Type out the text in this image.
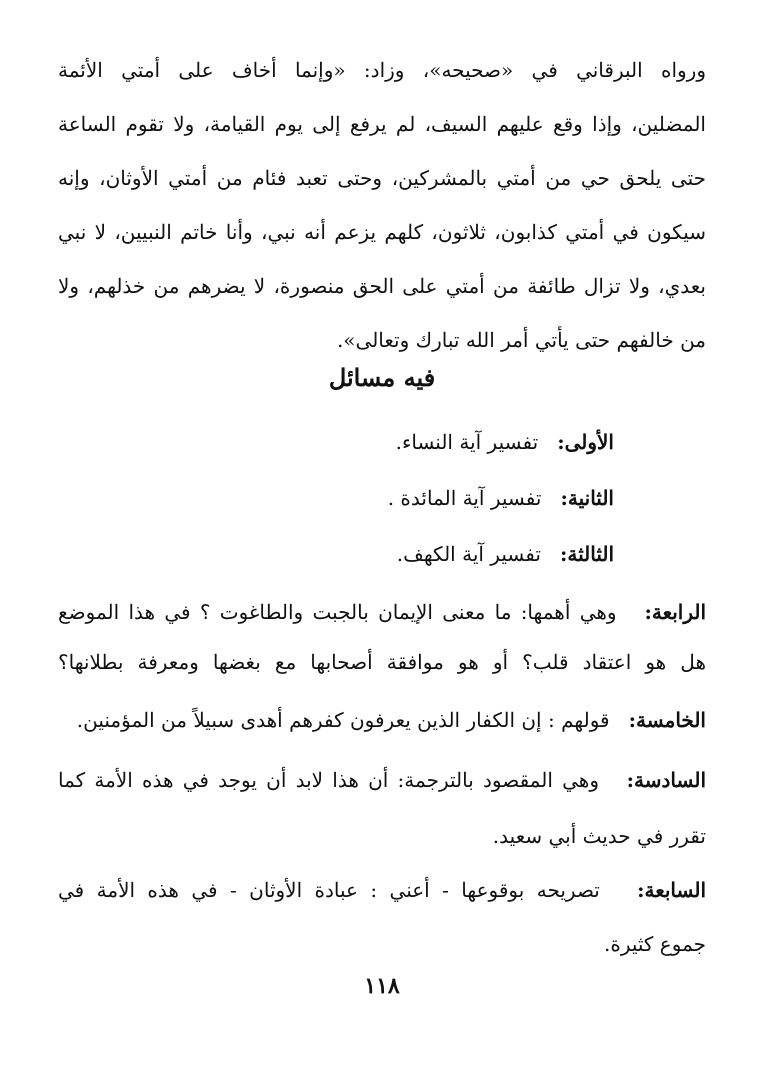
ورواه البرقاني في «صحيحه»، وزاد: «وإنما أخاف على أمتي الأئمة
المضلين، وإذا وقع عليهم السيف، لم يرفع إلى يوم القيامة، ولا تقوم الساعة
حتى يلحق حي من أمتي بالمشركين، وحتى تعبد فئام من أمتي الأوثان، وإنه
سيكون في أمتي كذابون، ثلاثون، كلهم يزعم أنه نبي، وأنا خاتم النبيين، لا نبي
بعدي، ولا تزال طائفة من أمتي على الحق منصورة، لا يضرهم من خذلهم، ولا
من خالفهم حتى يأتي أمر الله تبارك وتعالى».
فيه مسائل
الأولى:   تفسير آية النساء.
الثانية:   تفسير آية المائدة .
الثالثة:   تفسير آية الكهف.
الرابعة:   وهي أهمها: ما معنى الإيمان بالجبت والطاغوت ؟ في هذا الموضع
هل هو اعتقاد قلب؟ أو هو موافقة أصحابها مع بغضها ومعرفة بطلانها؟
الخامسة:   قولهم : إن الكفار الذين يعرفون كفرهم أهدى سبيلاً من المؤمنين.
السادسة:   وهي المقصود بالترجمة: أن هذا لابد أن يوجد في هذه الأمة كما
تقرر في حديث أبي سعيد.
السابعة:   تصريحه بوقوعها - أعني : عبادة الأوثان - في هذه الأمة في
جموع كثيرة.
١١٨
